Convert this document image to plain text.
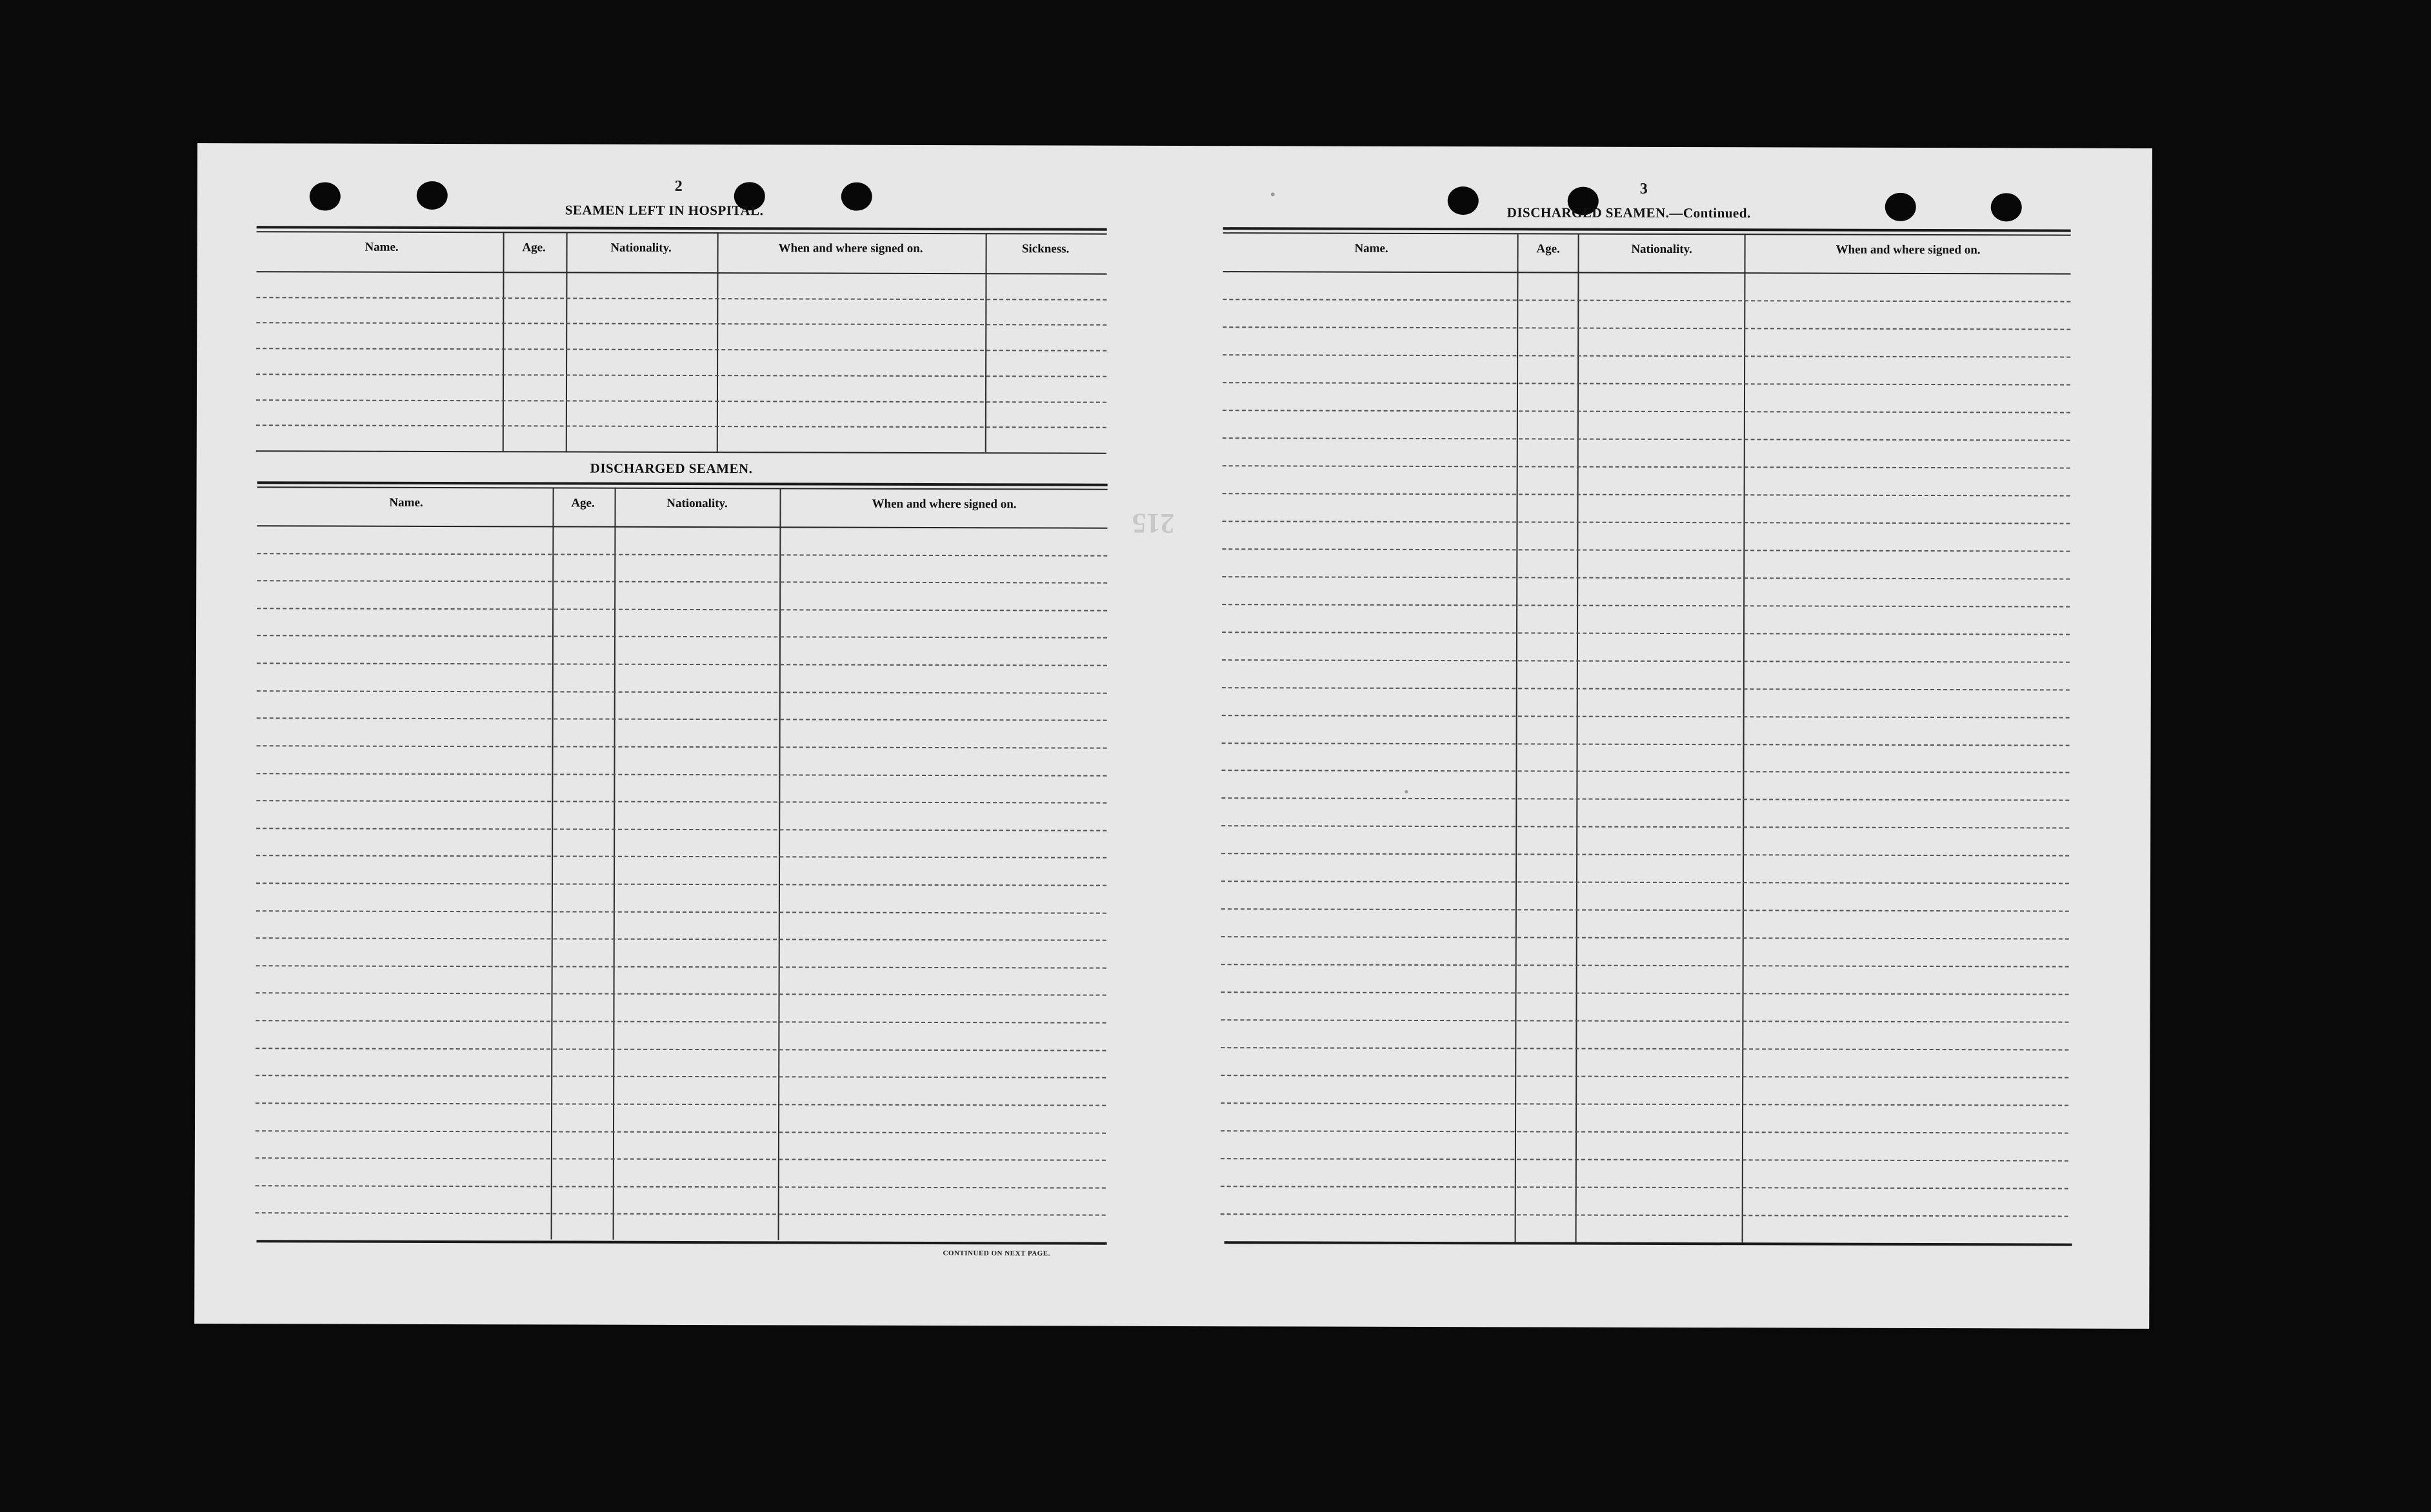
215
2
SEAMEN LEFT IN HOSPITAL.
Name.	Age.	Nationality.	When and where signed on.	Sickness.
DISCHARGED SEAMEN.
Name.	Age.	Nationality.	When and where signed on.
CONTINUED ON NEXT PAGE.
3
DISCHARGED SEAMEN.—Continued.
Name.	Age.	Nationality.	When and where signed on.
